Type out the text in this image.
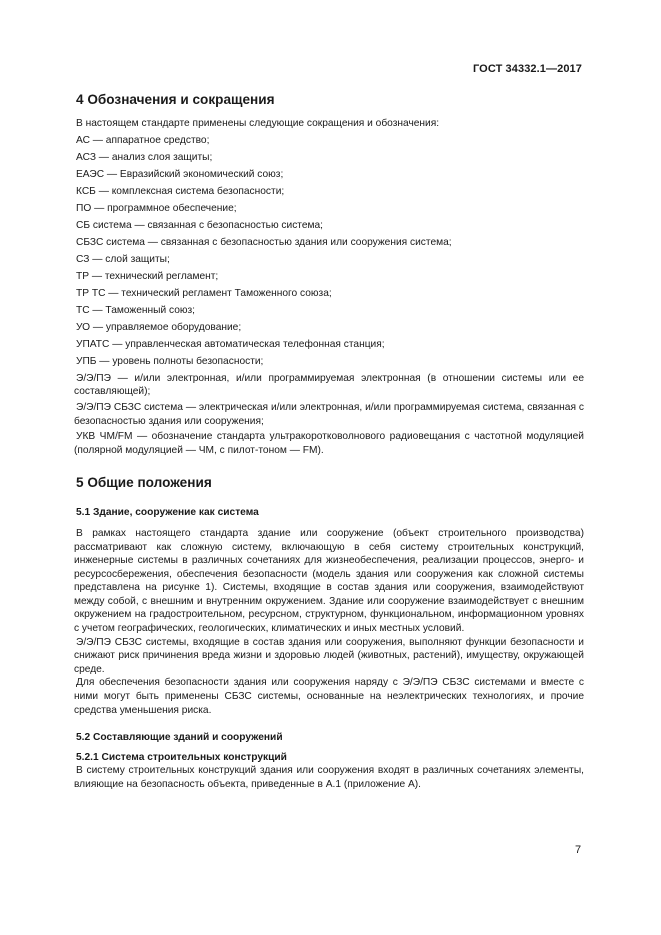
ГОСТ 34332.1—2017
4 Обозначения и сокращения

В настоящем стандарте применены следующие сокращения и обозначения:

АС — аппаратное средство;

АСЗ — анализ слоя защиты;

ЕАЭС — Евразийский экономический союз;

КСБ — комплексная система безопасности;

ПО — программное обеспечение;

СБ система — связанная с безопасностью система;

СБЗС система — связанная с безопасностью здания или сооружения система;

СЗ — слой защиты;

ТР — технический регламент;

ТР ТС — технический регламент Таможенного союза;

ТС — Таможенный союз;

УО — управляемое оборудование;

УПАТС — управленческая автоматическая телефонная станция;

УПБ — уровень полноты безопасности;

Э/Э/ПЭ — и/или электронная, и/или программируемая электронная (в отношении системы или ее составляющей);

Э/Э/ПЭ СБЗС система — электрическая и/или электронная, и/или программируемая система, связанная с безопасностью здания или сооружения;

УКВ ЧМ/FM — обозначение стандарта ультракоротковолнового радиовещания с частотной модуляцией (полярной модуляцией — ЧМ, с пилот-тоном — FM).

5 Общие положения
5.1 Здание, сооружение как система

В рамках настоящего стандарта здание или сооружение (объект строительного производства) рассматривают как сложную систему, включающую в себя систему строительных конструкций, инженерные системы в различных сочетаниях для жизнеобеспечения, реализации процессов, энерго- и ресурсосбережения, обеспечения безопасности (модель здания или сооружения как сложной системы представлена на рисунке 1). Системы, входящие в состав здания или сооружения, взаимодействуют между собой, с внешним и внутренним окружением. Здание или сооружение взаимодействует с внешним окружением на градостроительном, ресурсном, структурном, функциональном, информационном уровнях с учетом географических, геологических, климатических и иных местных условий.

Э/Э/ПЭ СБЗС системы, входящие в состав здания или сооружения, выполняют функции безопасности и снижают риск причинения вреда жизни и здоровью людей (животных, растений), имуществу, окружающей среде.

Для обеспечения безопасности здания или сооружения наряду с Э/Э/ПЭ СБЗС системами и вместе с ними могут быть применены СБЗС системы, основанные на неэлектрических технологиях, и прочие средства уменьшения риска.

5.2 Составляющие зданий и сооружений
5.2.1 Система строительных конструкций

В систему строительных конструкций здания или сооружения входят в различных сочетаниях элементы, влияющие на безопасность объекта, приведенные в А.1 (приложение А).

7
